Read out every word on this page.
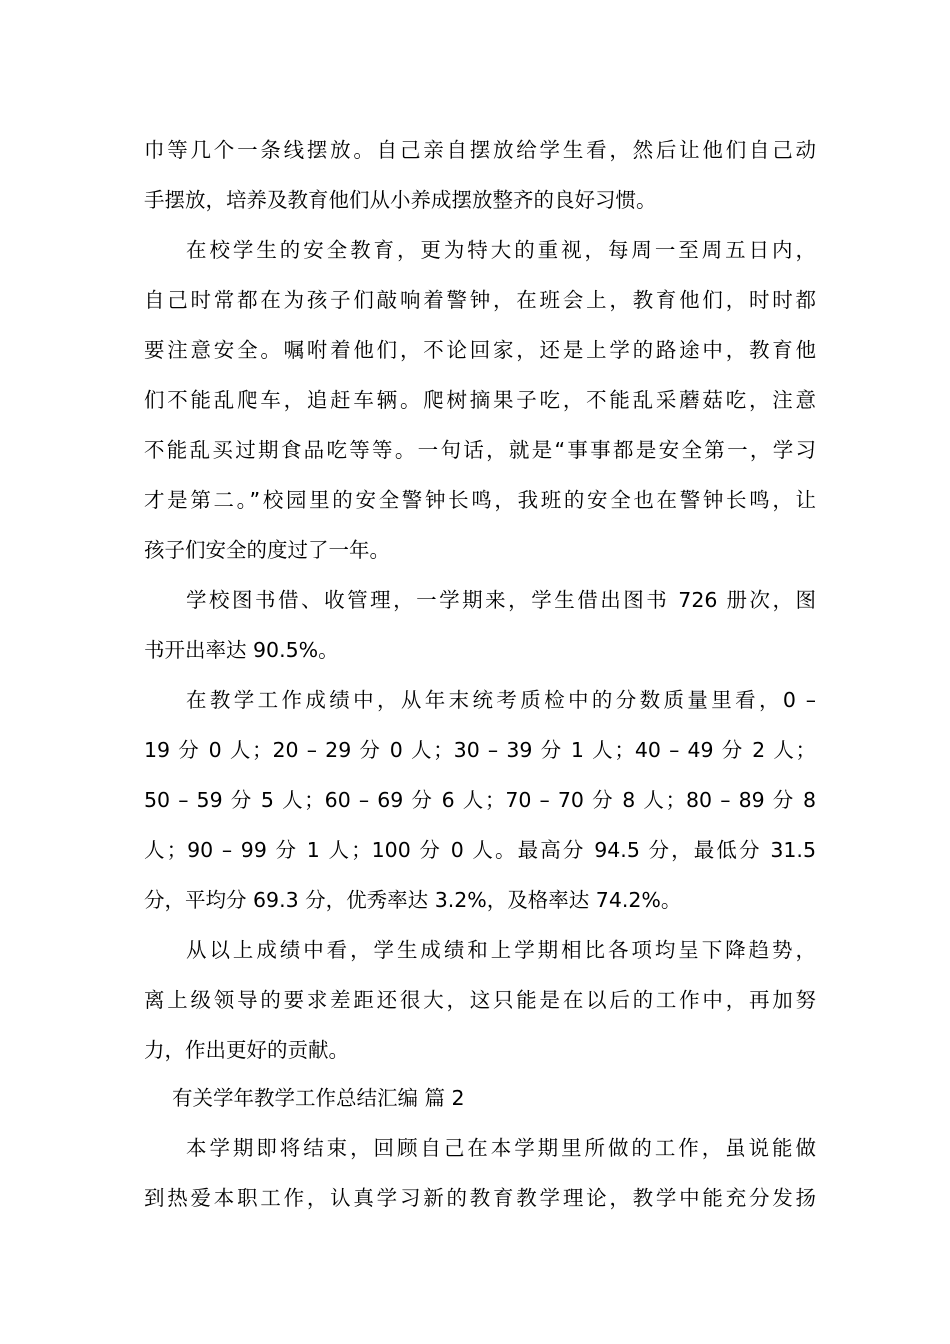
巾等几个一条线摆放。自己亲自摆放给学生看，然后让他们自己动
手摆放，培养及教育他们从小养成摆放整齐的良好习惯。
在校学生的安全教育，更为特大的重视，每周一至周五日内，
自己时常都在为孩子们敲响着警钟，在班会上，教育他们，时时都
要注意安全。嘱咐着他们，不论回家，还是上学的路途中，教育他
们不能乱爬车，追赶车辆。爬树摘果子吃，不能乱采蘑菇吃，注意
不能乱买过期食品吃等等。一句话，就是“事事都是安全第一，学习
才是第二。”校园里的安全警钟长鸣，我班的安全也在警钟长鸣，让
孩子们安全的度过了一年。
学校图书借、收管理，一学期来，学生借出图书 726 册次，图
书开出率达 90.5%。
在教学工作成绩中，从年末统考质检中的分数质量里看，0 –
19 分 0 人；20 – 29 分 0 人；30 – 39 分 1 人；40 – 49 分 2 人；
50 – 59 分 5 人；60 – 69 分 6 人；70 – 70 分 8 人；80 – 89 分 8
人；90 – 99 分 1 人；100 分 0 人。最高分 94.5 分，最低分 31.5
分，平均分 69.3 分，优秀率达 3.2%，及格率达 74.2%。
从以上成绩中看，学生成绩和上学期相比各项均呈下降趋势，
离上级领导的要求差距还很大，这只能是在以后的工作中，再加努
力，作出更好的贡献。
有关学年教学工作总结汇编 篇 2
本学期即将结束，回顾自己在本学期里所做的工作，虽说能做
到热爱本职工作，认真学习新的教育教学理论，教学中能充分发扬
